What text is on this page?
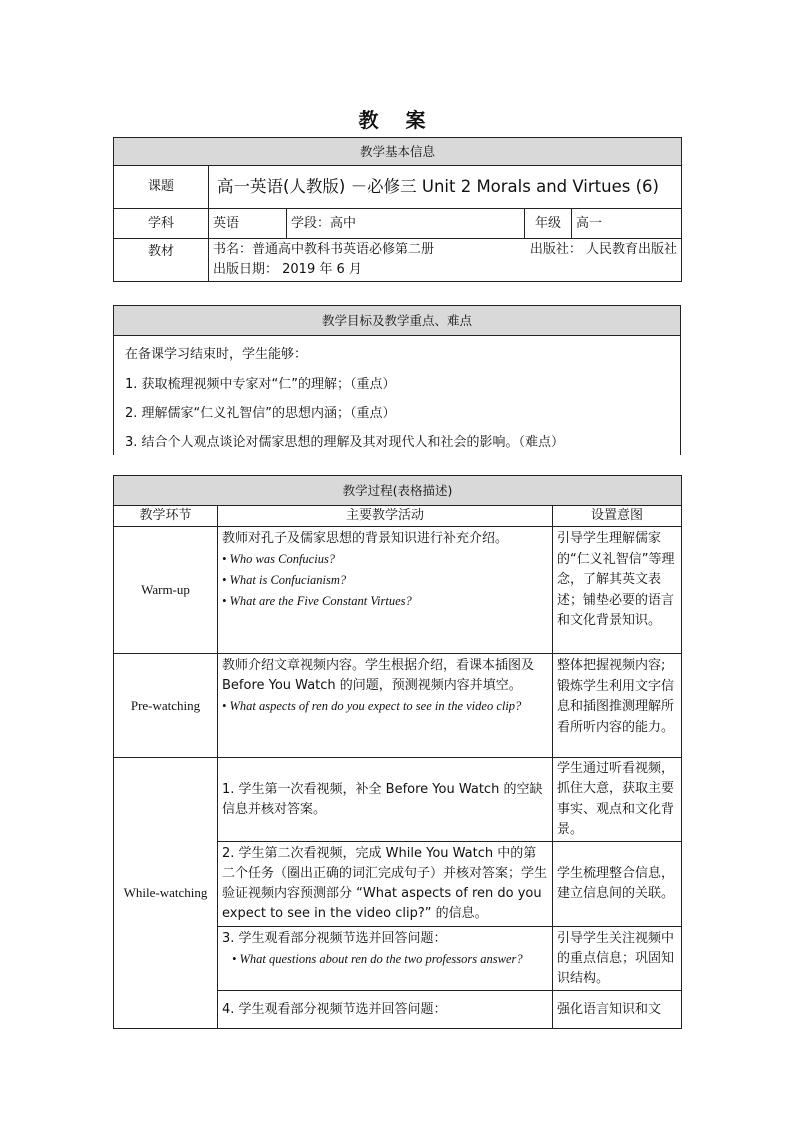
教 案
教学基本信息				
课题	高一英语(人教版) －必修三 Unit 2 Morals and Virtues (6)			
学科	英语	学段：高中	年级	高一
教材	书名：普通高中教科书英语必修第二册 出版社： 人民教育出版社
出版日期： 2019 年 6 月			
教学目标及教学重点、难点

在备课学习结束时，学生能够：
1. 获取梳理视频中专家对“仁”的理解；（重点）
2. 理解儒家“仁义礼智信”的思想内涵；（重点）
3. 结合个人观点谈论对儒家思想的理解及其对现代人和社会的影响。（难点）
教学过程(表格描述)		
教学环节	主要教学活动	设置意图
Warm-up	教师对孔子及儒家思想的背景知识进行补充介绍。
• Who was Confucius?
• What is Confucianism?
• What are the Five Constant Virtues?	引导学生理解儒家的“仁义礼智信”等理念，了解其英文表述；铺垫必要的语言和文化背景知识。
Pre-watching	教师介绍文章视频内容。学生根据介绍，看课本插图及 Before You Watch 的问题，预测视频内容并填空。
• What aspects of ren do you expect to see in the video clip?	整体把握视频内容;锻炼学生利用文字信息和插图推测理解所看所听内容的能力。
While-watching	1. 学生第一次看视频，补全 Before You Watch 的空缺信息并核对答案。	学生通过听看视频，抓住大意，获取主要事实、观点和文化背景。
	2. 学生第二次看视频，完成 While You Watch 中的第二个任务（圈出正确的词汇完成句子）并核对答案；学生验证视频内容预测部分 “What aspects of ren do you expect to see in the video clip?” 的信息。	学生梳理整合信息，建立信息间的关联。

	3. 学生观看部分视频节选并回答问题：
• What questions about ren do the two professors answer?	引导学生关注视频中的重点信息；巩固知识结构。
	4. 学生观看部分视频节选并回答问题：	强化语言知识和文
